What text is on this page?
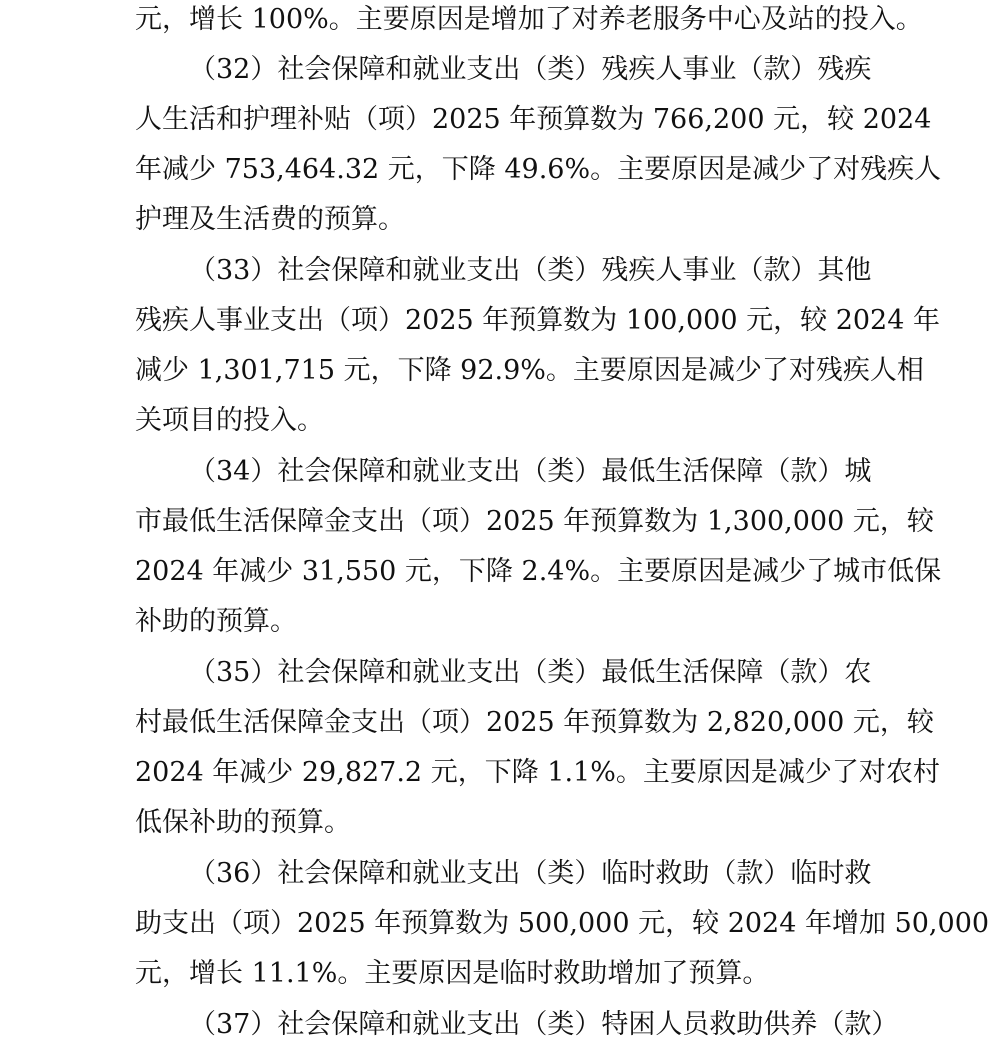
元，增长 100%。主要原因是增加了对养老服务中心及站的投入。
（32）社会保障和就业支出（类）残疾人事业（款）残疾
人生活和护理补贴（项）2025 年预算数为 766,200 元，较 2024
年减少 753,464.32 元，下降 49.6%。主要原因是减少了对残疾人
护理及生活费的预算。
（33）社会保障和就业支出（类）残疾人事业（款）其他
残疾人事业支出（项）2025 年预算数为 100,000 元，较 2024 年
减少 1,301,715 元，下降 92.9%。主要原因是减少了对残疾人相
关项目的投入。
（34）社会保障和就业支出（类）最低生活保障（款）城
市最低生活保障金支出（项）2025 年预算数为 1,300,000 元，较
2024 年减少 31,550 元，下降 2.4%。主要原因是减少了城市低保
补助的预算。
（35）社会保障和就业支出（类）最低生活保障（款）农
村最低生活保障金支出（项）2025 年预算数为 2,820,000 元，较
2024 年减少 29,827.2 元，下降 1.1%。主要原因是减少了对农村
低保补助的预算。
（36）社会保障和就业支出（类）临时救助（款）临时救
助支出（项）2025 年预算数为 500,000 元，较 2024 年增加 50,000
元，增长 11.1%。主要原因是临时救助增加了预算。
（37）社会保障和就业支出（类）特困人员救助供养（款）
